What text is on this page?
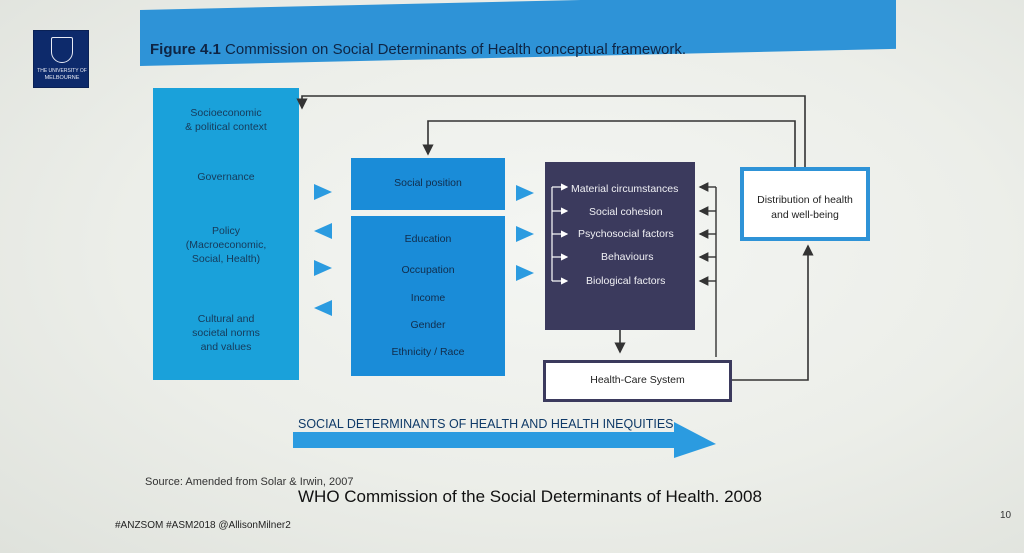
THE UNIVERSITY OF
MELBOURNE
Figure 4.1 Commission on Social Determinants of Health conceptual framework.
Socioeconomic
& political context
Governance
Policy
(Macroeconomic,
Social, Health)
Cultural and
societal norms
and values
Social position
Education
Occupation
Income
Gender
Ethnicity / Race
Material circumstances
Social cohesion
Psychosocial factors
Behaviours
Biological factors
Distribution of health
and well-being
Health-Care System
SOCIAL DETERMINANTS OF HEALTH AND HEALTH INEQUITIES
Source: Amended from Solar & Irwin, 2007
WHO Commission of the Social Determinants of Health. 2008
#ANZSOM #ASM2018 @AllisonMilner2
10
